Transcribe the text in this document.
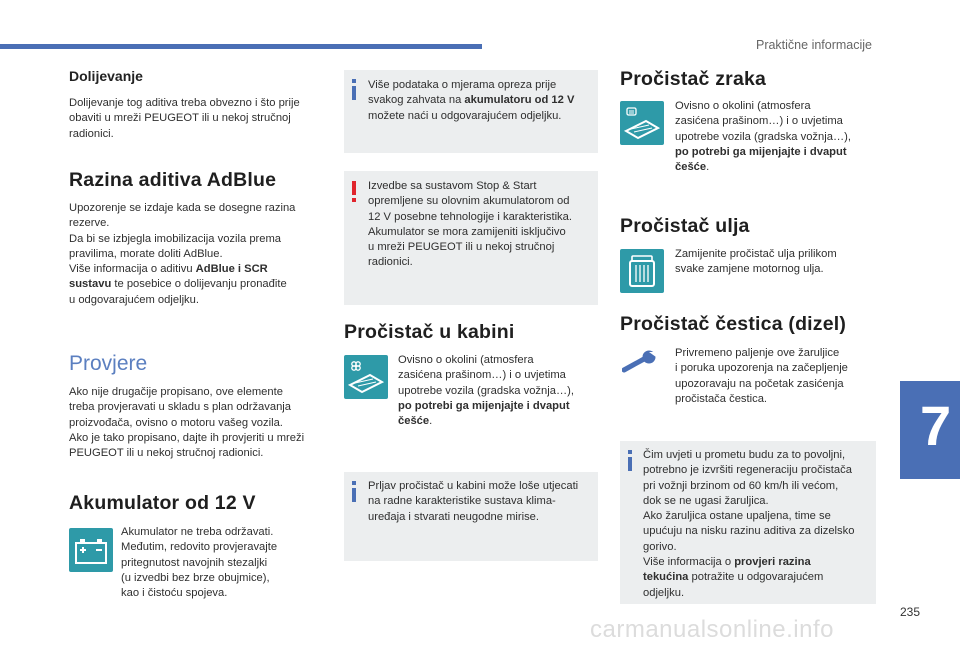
Praktične informacije
7
235
carmanualsonline.info
Dolijevanje

Dolijevanje tog aditiva treba obvezno i što prije
obaviti u mreži PEUGEOT ili u nekoj stručnoj
radionici.

Razina aditiva AdBlue

Upozorenje se izdaje kada se dosegne razina
rezerve.
Da bi se izbjegla imobilizacija vozila prema
pravilima, morate doliti AdBlue.
Više informacija o aditivu AdBlue i SCR
sustavu te posebice o dolijevanju pronađite
u odgovarajućem odjeljku.

Provjere

Ako nije drugačije propisano, ove elemente
treba provjeravati u skladu s plan održavanja
proizvođača, ovisno o motoru vašeg vozila.
Ako je tako propisano, dajte ih provjeriti u mreži
PEUGEOT ili u nekoj stručnoj radionici.

Akumulator od 12 V

Akumulator ne treba održavati.
Međutim, redovito provjeravajte
pritegnutost navojnih stezaljki
(u izvedbi bez brze obujmice),
kao i čistoću spojeva.

Više podataka o mjerama opreza prije
svakog zahvata na akumulatoru od 12 V
možete naći u odgovarajućem odjeljku.

Izvedbe sa sustavom Stop & Start
opremljene su olovnim akumulatorom od
12 V posebne tehnologije i karakteristika.
Akumulator se mora zamijeniti isključivo
u mreži PEUGEOT ili u nekoj stručnoj
radionici.

Pročistač u kabini

Ovisno o okolini (atmosfera
zasićena prašinom…) i o uvjetima
upotrebe vozila (gradska vožnja…),
po potrebi ga mijenjajte i dvaput
češće.

Prljav pročistač u kabini može loše utjecati
na radne karakteristike sustava klima-
uređaja i stvarati neugodne mirise.

Pročistač zraka

Ovisno o okolini (atmosfera
zasićena prašinom…) i o uvjetima
upotrebe vozila (gradska vožnja…),
po potrebi ga mijenjajte i dvaput
češće.

Pročistač ulja

Zamijenite pročistač ulja prilikom
svake zamjene motornog ulja.

Pročistač čestica (dizel)

Privremeno paljenje ove žaruljice
i poruka upozorenja na začepljenje
upozoravaju na početak zasićenja
pročistača čestica.

Čim uvjeti u prometu budu za to povoljni,
potrebno je izvršiti regeneraciju pročistača
pri vožnji brzinom od 60 km/h ili većom,
dok se ne ugasi žaruljica.
Ako žaruljica ostane upaljena, time se
upućuju na nisku razinu aditiva za dizelsko
gorivo.
Više informacija o provjeri razina
tekućina potražite u odgovarajućem
odjeljku.
